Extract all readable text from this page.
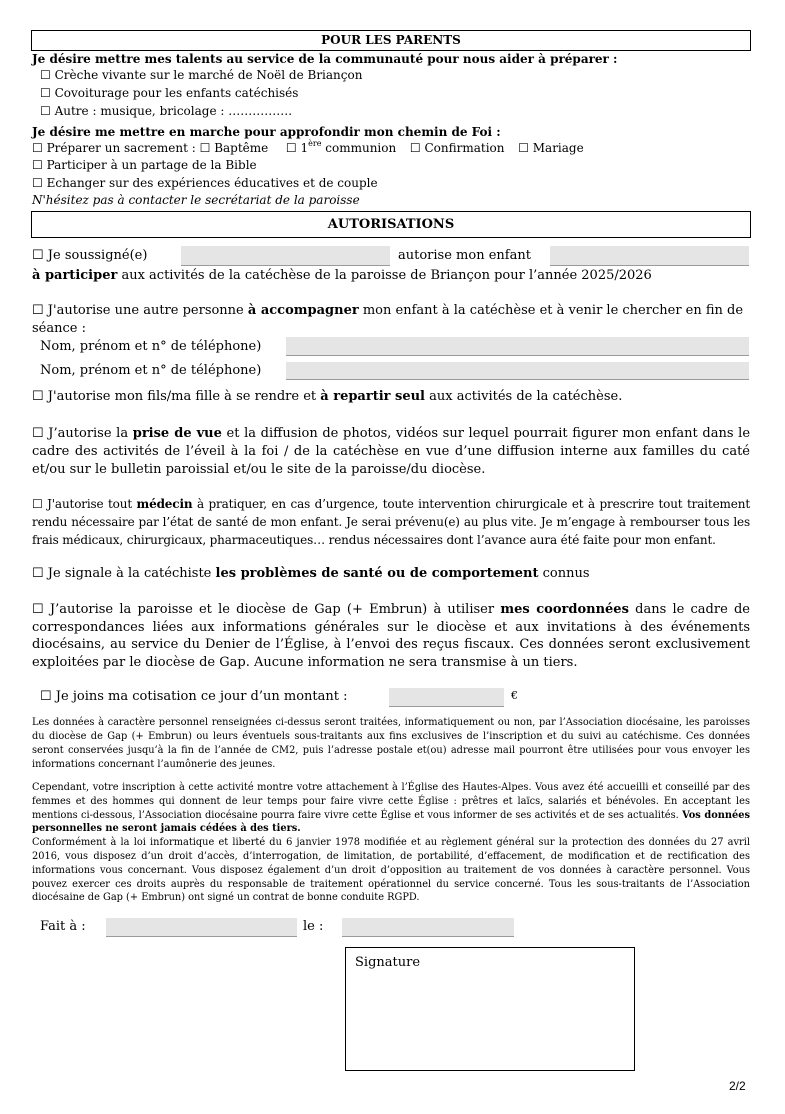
POUR LES PARENTS
Je désire mettre mes talents au service de la communauté pour nous aider à préparer :
☐ Crèche vivante sur le marché de Noël de Briançon
☐ Covoiturage pour les enfants catéchisés
☐ Autre : musique, bricolage : …………….
Je désire me mettre en marche pour approfondir mon chemin de Foi :
☐ Préparer un sacrement : ☐ Baptême ☐ 1ère communion ☐ Confirmation ☐ Mariage
☐ Participer à un partage de la Bible
☐ Echanger sur des expériences éducatives et de couple
N'hésitez pas à contacter le secrétariat de la paroisse
AUTORISATIONS
☐ Je soussigné(e)	autorise mon enfant
à participer aux activités de la catéchèse de la paroisse de Briançon pour l’année 2025/2026
☐ J'autorise une autre personne à accompagner mon enfant à la catéchèse et à venir le chercher en fin de
séance :
Nom, prénom et n° de téléphone)
Nom, prénom et n° de téléphone)
☐ J'autorise mon fils/ma fille à se rendre et à repartir seul aux activités de la catéchèse.

☐ J’autorise la prise de vue et la diffusion de photos, vidéos sur lequel pourrait figurer mon enfant dans le cadre des activités de l’éveil à la foi / de la catéchèse en vue d’une diffusion interne aux familles du caté et/ou sur le bulletin paroissial et/ou le site de la paroisse/du diocèse.

☐ J'autorise tout médecin à pratiquer, en cas d’urgence, toute intervention chirurgicale et à prescrire tout traitement rendu nécessaire par l’état de santé de mon enfant. Je serai prévenu(e) au plus vite. Je m’engage à rembourser tous les frais médicaux, chirurgicaux, pharmaceutiques… rendus nécessaires dont l’avance aura été faite pour mon enfant.

☐ Je signale à la catéchiste les problèmes de santé ou de comportement connus

☐ J’autorise la paroisse et le diocèse de Gap (+ Embrun) à utiliser mes coordonnées dans le cadre de correspondances liées aux informations générales sur le diocèse et aux invitations à des événements diocésains, au service du Denier de l’Église, à l’envoi des reçus fiscaux. Ces données seront exclusivement exploitées par le diocèse de Gap. Aucune information ne sera transmise à un tiers.

☐ Je joins ma cotisation ce jour d’un montant :	€

Les données à caractère personnel renseignées ci-dessus seront traitées, informatiquement ou non, par l’Association diocésaine, les paroisses du diocèse de Gap (+ Embrun) ou leurs éventuels sous-traitants aux fins exclusives de l’inscription et du suivi au catéchisme. Ces données seront conservées jusqu’à la fin de l’année de CM2, puis l’adresse postale et(ou) adresse mail pourront être utilisées pour vous envoyer les informations concernant l’aumônerie des jeunes.

Cependant, votre inscription à cette activité montre votre attachement à l’Église des Hautes-Alpes. Vous avez été accueilli et conseillé par des femmes et des hommes qui donnent de leur temps pour faire vivre cette Église : prêtres et laïcs, salariés et bénévoles. En acceptant les mentions ci-dessous, l’Association diocésaine pourra faire vivre cette Église et vous informer de ses activités et de ses actualités. Vos données personnelles ne seront jamais cédées à des tiers.

Conformément à la loi informatique et liberté du 6 janvier 1978 modifiée et au règlement général sur la protection des données du 27 avril 2016, vous disposez d’un droit d’accès, d’interrogation, de limitation, de portabilité, d’effacement, de modification et de rectification des informations vous concernant. Vous disposez également d’un droit d’opposition au traitement de vos données à caractère personnel. Vous pouvez exercer ces droits auprès du responsable de traitement opérationnel du service concerné. Tous les sous-traitants de l’Association diocésaine de Gap (+ Embrun) ont signé un contrat de bonne conduite RGPD.

Fait à :	le :
Signature
2/2
